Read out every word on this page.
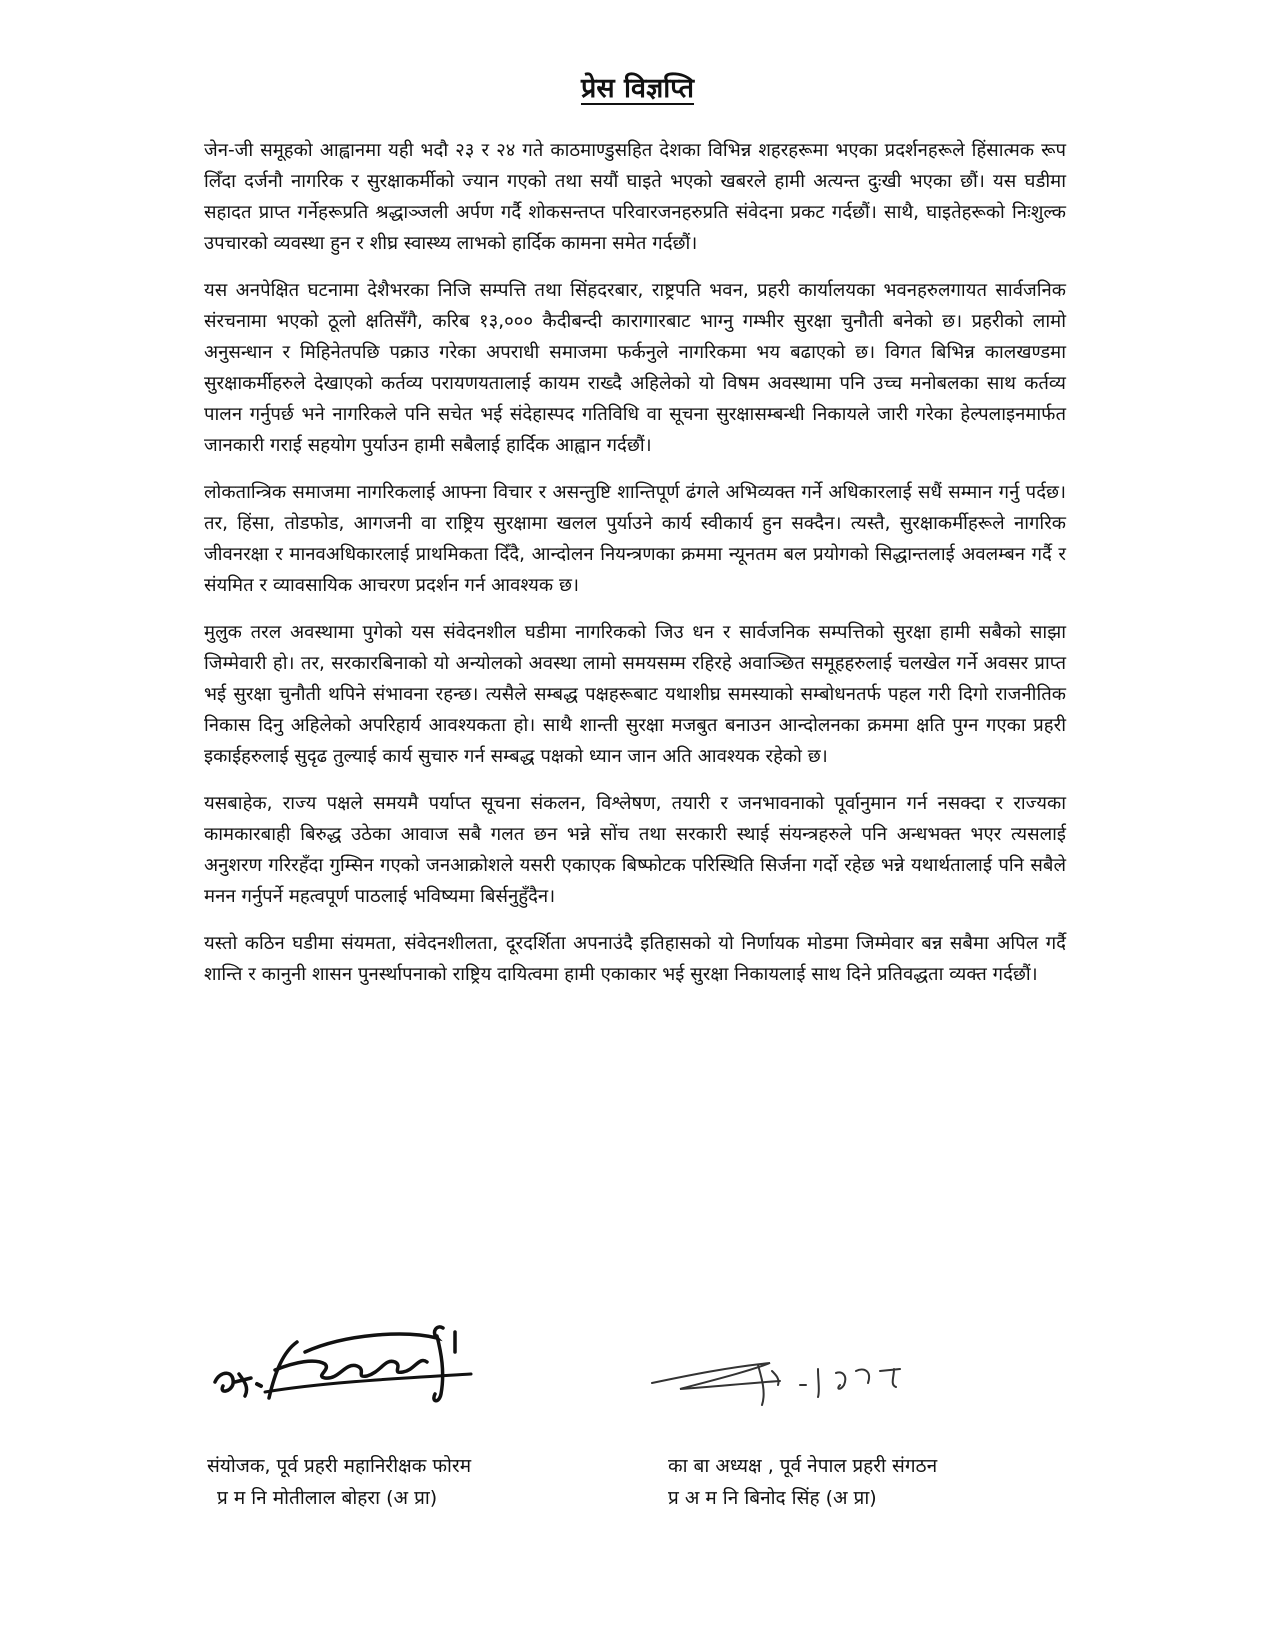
प्रेस विज्ञप्ति

जेन-जी समूहको आह्वानमा यही भदौ २३ र २४ गते काठमाण्डुसहित देशका विभिन्न शहरहरूमा भएका प्रदर्शनहरूले हिंसात्मक रूप लिँदा दर्जनौ नागरिक र सुरक्षाकर्मीको ज्यान गएको तथा सयौं घाइते भएको खबरले हामी अत्यन्त दुःखी भएका छौं। यस घडीमा सहादत प्राप्त गर्नेहरूप्रति श्रद्धाञ्जली अर्पण गर्दै शोकसन्तप्त परिवारजनहरुप्रति संवेदना प्रकट गर्दछौं। साथै, घाइतेहरूको निःशुल्क उपचारको व्यवस्था हुन र शीघ्र स्वास्थ्य लाभको हार्दिक कामना समेत गर्दछौं।

यस अनपेक्षित घटनामा देशैभरका निजि सम्पत्ति तथा सिंहदरबार, राष्ट्रपति भवन, प्रहरी कार्यालयका भवनहरुलगायत सार्वजनिक संरचनामा भएको ठूलो क्षतिसँगै, करिब १३,००० कैदीबन्दी कारागारबाट भाग्नु गम्भीर सुरक्षा चुनौती बनेको छ। प्रहरीको लामो अनुसन्धान र मिहिनेतपछि पक्राउ गरेका अपराधी समाजमा फर्कनुले नागरिकमा भय बढाएको छ। विगत बिभिन्न कालखण्डमा सुरक्षाकर्मीहरुले देखाएको कर्तव्य परायणयतालाई कायम राख्दै अहिलेको यो विषम अवस्थामा पनि उच्च मनोबलका साथ कर्तव्य पालन गर्नुपर्छ भने नागरिकले पनि सचेत भई संदेहास्पद गतिविधि वा सूचना सुरक्षासम्बन्धी निकायले जारी गरेका हेल्पलाइनमार्फत जानकारी गराई सहयोग पुर्याउन हामी सबैलाई हार्दिक आह्वान गर्दछौं।

लोकतान्त्रिक समाजमा नागरिकलाई आफ्ना विचार र असन्तुष्टि शान्तिपूर्ण ढंगले अभिव्यक्त गर्ने अधिकारलाई सधैं सम्मान गर्नु पर्दछ। तर, हिंसा, तोडफोड, आगजनी वा राष्ट्रिय सुरक्षामा खलल पुर्याउने कार्य स्वीकार्य हुन सक्दैन। त्यस्तै, सुरक्षाकर्मीहरूले नागरिक जीवनरक्षा र मानवअधिकारलाई प्राथमिकता दिँदै, आन्दोलन नियन्त्रणका क्रममा न्यूनतम बल प्रयोगको सिद्धान्तलाई अवलम्बन गर्दै र संयमित र व्यावसायिक आचरण प्रदर्शन गर्न आवश्यक छ।

मुलुक तरल अवस्थामा पुगेको यस संवेदनशील घडीमा नागरिकको जिउ धन र सार्वजनिक सम्पत्तिको सुरक्षा हामी सबैको साझा जिम्मेवारी हो। तर, सरकारबिनाको यो अन्योलको अवस्था लामो समयसम्म रहिरहे अवाञ्छित समूहहरुलाई चलखेल गर्ने अवसर प्राप्त भई सुरक्षा चुनौती थपिने संभावना रहन्छ। त्यसैले सम्बद्ध पक्षहरूबाट यथाशीघ्र समस्याको सम्बोधनतर्फ पहल गरी दिगो राजनीतिक निकास दिनु अहिलेको अपरिहार्य आवश्यकता हो। साथै शान्ती सुरक्षा मजबुत बनाउन आन्दोलनका क्रममा क्षति पुग्न गएका प्रहरी इकाईहरुलाई सुदृढ तुल्याई कार्य सुचारु गर्न सम्बद्ध पक्षको ध्यान जान अति आवश्यक रहेको छ।

यसबाहेक, राज्य पक्षले समयमै पर्याप्त सूचना संकलन, विश्लेषण, तयारी र जनभावनाको पूर्वानुमान गर्न नसक्दा र राज्यका कामकारबाही बिरुद्ध उठेका आवाज सबै गलत छन भन्ने सोंच तथा सरकारी स्थाई संयन्त्रहरुले पनि अन्धभक्त भएर त्यसलाई अनुशरण गरिरहँदा गुम्सिन गएको जनआक्रोशले यसरी एकाएक बिष्फोटक परिस्थिति सिर्जना गर्दो रहेछ भन्ने यथार्थतालाई पनि सबैले मनन गर्नुपर्ने महत्वपूर्ण पाठलाई भविष्यमा बिर्सनुहुँदैन।

यस्तो कठिन घडीमा संयमता, संवेदनशीलता, दूरदर्शिता अपनाउंदै इतिहासको यो निर्णायक मोडमा जिम्मेवार बन्न सबैमा अपिल गर्दै शान्ति र कानुनी शासन पुनर्स्थापनाको राष्ट्रिय दायित्वमा हामी एकाकार भई सुरक्षा निकायलाई साथ दिने प्रतिवद्धता व्यक्त गर्दछौं।

संयोजक, पूर्व प्रहरी महानिरीक्षक फोरम
प्र म नि मोतीलाल बोहरा (अ प्रा)
का बा अध्यक्ष , पूर्व नेपाल प्रहरी संगठन
प्र अ म नि बिनोद सिंह (अ प्रा)
